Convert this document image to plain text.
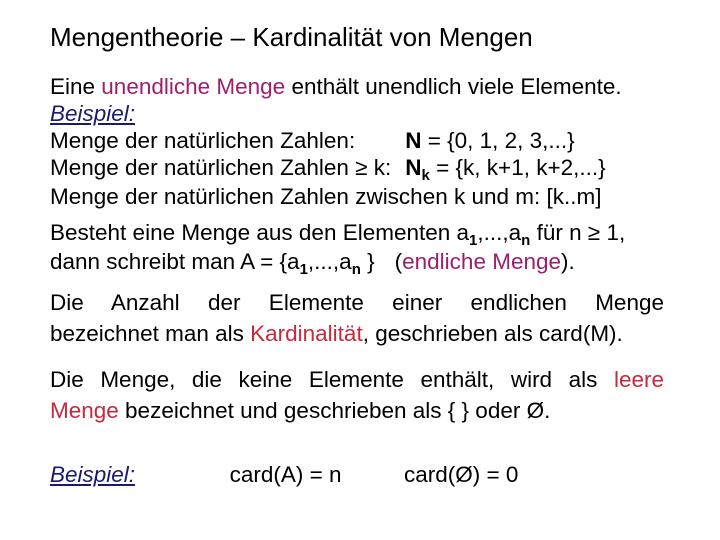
Mengentheorie – Kardinalität von Mengen
Eine unendliche Menge enthält unendlich viele Elemente.
Beispiel:
Menge der natürlichen Zahlen: N = {0, 1, 2, 3,...}
Menge der natürlichen Zahlen ≥ k: $N_k = \{k$, k+1, k+2,...}
Menge der natürlichen Zahlen zwischen k und m: [k..m]
Besteht eine Menge aus den Elementen $a_1,...,a_n$ für n ≥ 1,
dann schreibt man $A = \{a_1,...,a_n$ } (endliche Menge).
Die Anzahl der Elemente einer endlichen Menge
bezeichnet man als Kardinalität, geschrieben als card(M).
Die Menge, die keine Elemente enthält, wird als leere
Menge bezeichnet und geschrieben als { } oder Ø.
Beispiel:	card(A) = n	card(Ø) = 0
